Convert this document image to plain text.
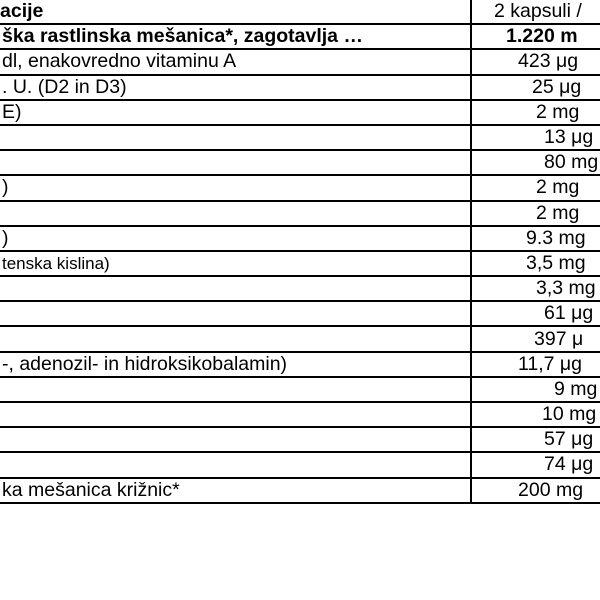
acije	2 kapsuli /
ška rastlinska mešanica*, zagotavlja …	1.220 m
dl, enakovredno vitaminu A	423 μg
. U. (D2 in D3)	25 μg
E)	2 mg
	13 μg
	80 mg
)	2 mg
	2 mg
)	9.3 mg
tenska kislina)	3,5 mg
	3,3 mg
	61 μg
	397 μ
-, adenozil- in hidroksikobalamin)	11,7 μg
	9 mg
	10 mg
	57 μg
	74 μg
ka mešanica križnic*	200 mg
